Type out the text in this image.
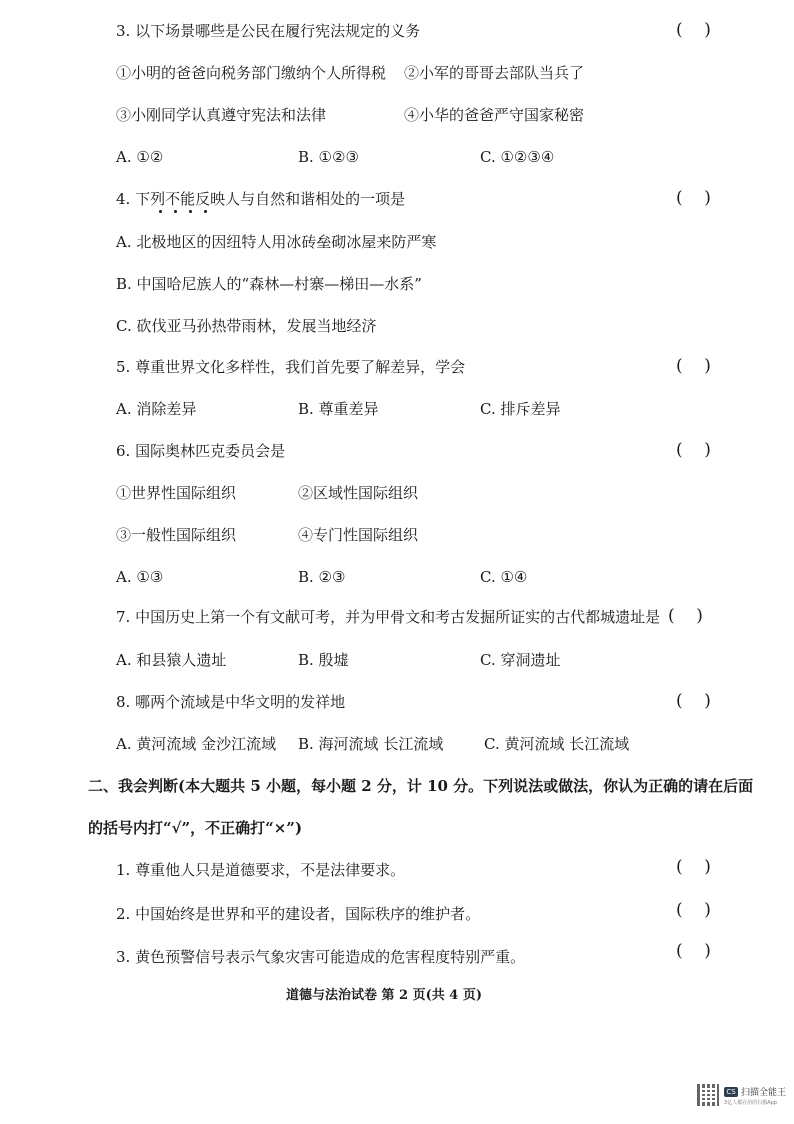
3. 以下场景哪些是公民在履行宪法规定的义务	(    )
①小明的爸爸向税务部门缴纳个人所得税 ②小军的哥哥去部队当兵了
③小刚同学认真遵守宪法和法律	④小华的爸爸严守国家秘密
A. ①②	B. ①②③	C. ①②③④
4. 下列不能反映人与自然和谐相处的一项是	(    )
A. 北极地区的因纽特人用冰砖垒砌冰屋来防严寒
B. 中国哈尼族人的“森林—村寨—梯田—水系”
C. 砍伐亚马孙热带雨林，发展当地经济
5. 尊重世界文化多样性，我们首先要了解差异，学会	(    )
A. 消除差异	B. 尊重差异	C. 排斥差异
6. 国际奥林匹克委员会是	(    )
①世界性国际组织	②区域性国际组织
③一般性国际组织	④专门性国际组织
A. ①③	B. ②③	C. ①④
7. 中国历史上第一个有文献可考，并为甲骨文和考古发掘所证实的古代都城遗址是 (    )
A. 和县猿人遗址	B. 殷墟	C. 穿洞遗址
8. 哪两个流域是中华文明的发祥地	(    )
A. 黄河流域 金沙江流域 B. 海河流域 长江流域	C. 黄河流域 长江流域
二、我会判断(本大题共 5 小题，每小题 2 分，计 10 分。下列说法或做法，你认为正确的请在后面
的括号内打“√”，不正确打“×”)
1. 尊重他人只是道德要求，不是法律要求。	(    )
2. 中国始终是世界和平的建设者，国际秩序的维护者。	(    )
3. 黄色预警信号表示气象灾害可能造成的危害程度特别严重。	(    )
道德与法治试卷 第 2 页(共 4 页)
CS 扫描全能王
3亿人都在用的扫描App
